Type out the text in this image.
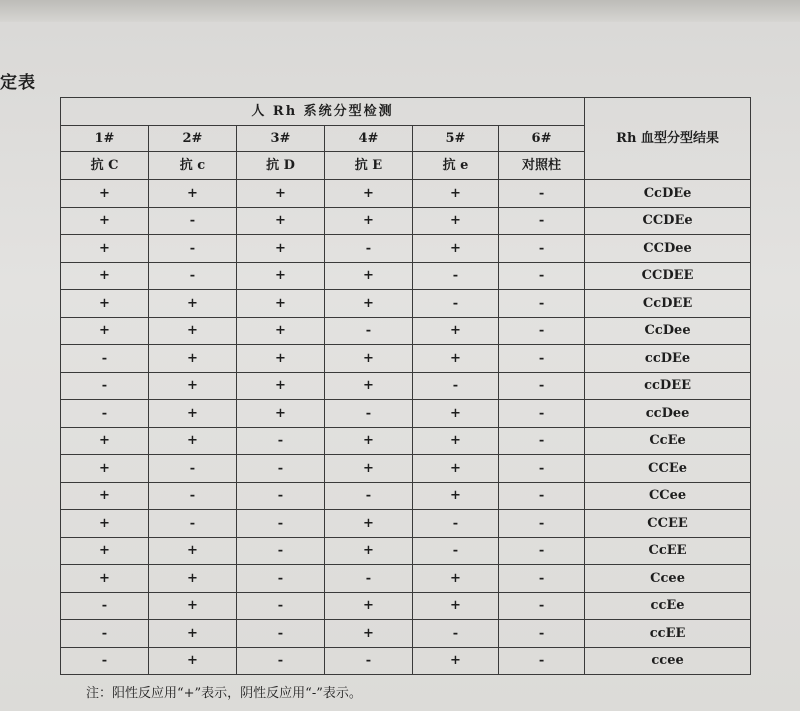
定表
人 Rh 系统分型检测						Rh 血型分型结果
1#	2#	3#	4#	5#	6#	
抗 C	抗 c	抗 D	抗 E	抗 e	对照柱	
+	+	+	+	+	-	CcDEe
+	-	+	+	+	-	CCDEe
+	-	+	-	+	-	CCDee
+	-	+	+	-	-	CCDEE
+	+	+	+	-	-	CcDEE
+	+	+	-	+	-	CcDee
-	+	+	+	+	-	ccDEe
-	+	+	+	-	-	ccDEE
-	+	+	-	+	-	ccDee
+	+	-	+	+	-	CcEe
+	-	-	+	+	-	CCEe
+	-	-	-	+	-	CCee
+	-	-	+	-	-	CCEE
+	+	-	+	-	-	CcEE
+	+	-	-	+	-	Ccee
-	+	-	+	+	-	ccEe
-	+	-	+	-	-	ccEE
-	+	-	-	+	-	ccee
注：阳性反应用“+”表示，阴性反应用“-”表示。
